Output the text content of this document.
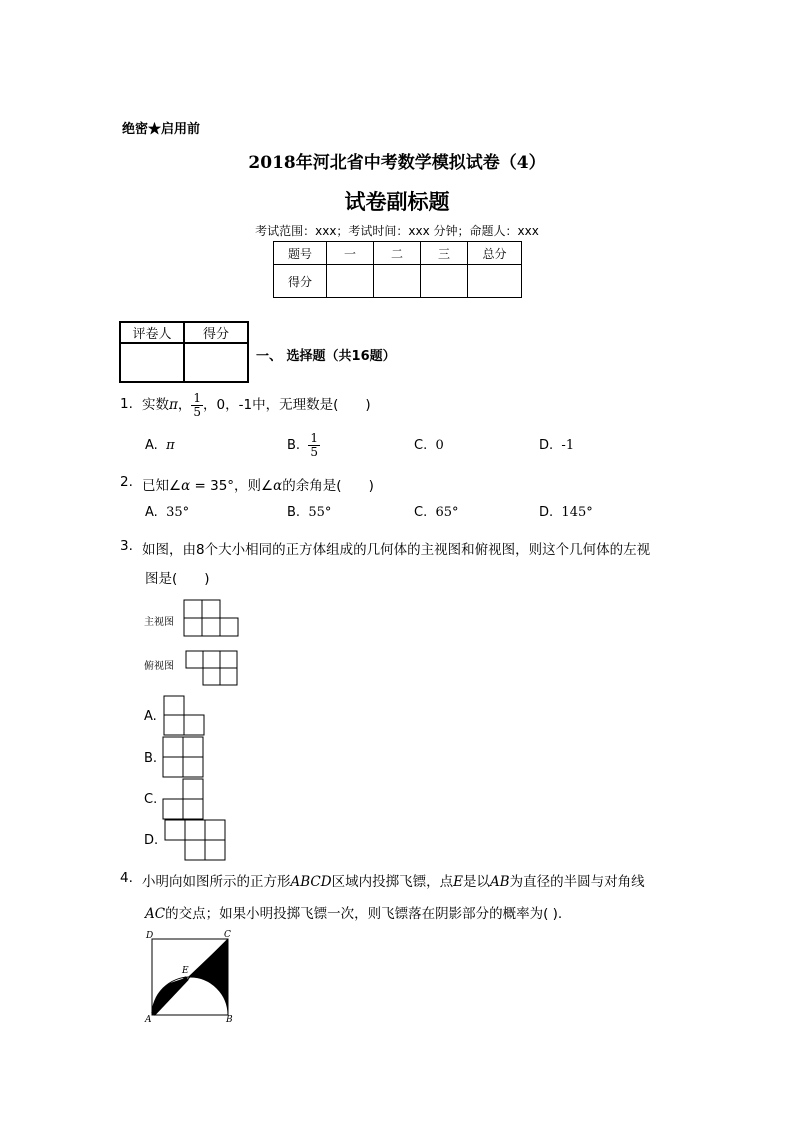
绝密★启用前
2018年河北省中考数学模拟试卷（4）
试卷副标题
考试范围：xxx；考试时间：xxx 分钟；命题人：xxx
题号	一	二	三	总分
得分				
评卷人	得分

一、 选择题（共16题）
1. 实数π， $\frac{1}{5}$ ，0，-1中，无理数是(　　)
A. π	B. $\frac{1}{5}$	C. 0	D. -1
2. 已知∠α = 35°，则∠α的余角是(　　)
A. 35°	B. 55°	C. 65°	D. 145°
3. 如图，由8个大小相同的正方体组成的几何体的主视图和俯视图，则这个几何体的左视
图是(　　)
主视图
俯视图
A.
B.
C.
D.
4. 小明向如图所示的正方形ABCD区域内投掷飞镖，点E是以AB为直径的半圆与对角线
AC的交点；如果小明投掷飞镖一次，则飞镖落在阴影部分的概率为( ).
D	C
E
A	B
